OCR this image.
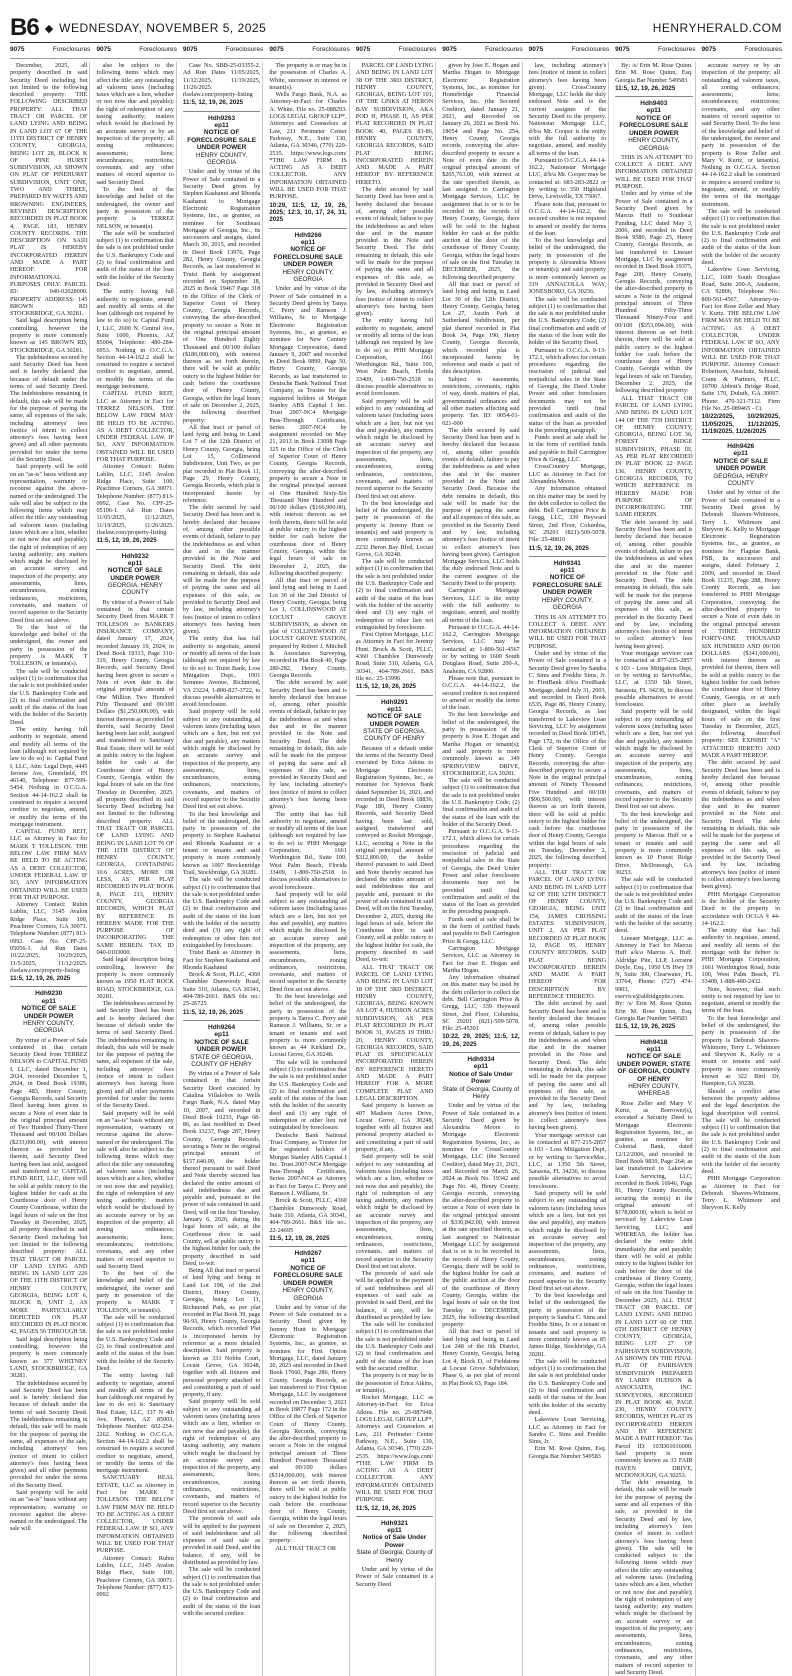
B6 ◆ WEDNESDAY, NOVEMBER 5, 2025	HENRYHERALD.COM
9075	Foreclosures 9075	Foreclosures 9075	Foreclosures 9075	Foreclosures 9075	Foreclosures 9075	Foreclosures 9075	Foreclosures 9075	Foreclosures 9075	Foreclosures

December, 2025, all property described in said Security Deed including but not limited to the following described property: THE FOLLOWING DESCRIBED PROPERTY: ALL THAT TRACT OR PARCEL OF LAND LYING AND BEING IN LAND LOT 67 OF THE 11TH DISTRICT OF HENRY COUNTY, GEORGIA, BEING LOT 28, BLOCK K OF PINE HURST SUBDIVISION, AS SHOWN ON PLAT OF PINEHURST SUBDIVISION, UNIT ONE, TWO AND THREE, PREPARED BY WATTS AND BROWNING ENGINEERS, REVISED DESCRIPTION RECORDED IN PLAT BOOK 4, PAGE 183, HENRY COUNTY RECORDS. THE DESCRIPTION ON SAID PLAT IS HEREBY INCORPORATED HEREIN AND MADE A PART HEREOF. FOR INFORMATIONAL PURPOSES ONLY: PARCEL ID: 040-02028000. PROPERTY ADDRESS: 145 BROWN RD STOCKBRIDGE, GA 30281.

Said legal description being controlling, however the property is more commonly known as 145 BROWN RD, STOCKBRIDGE, GA 30281.

The indebtedness secured by said Security Deed has been and is hereby declared due because of default under the terms of said Security Deed. The indebtedness remaining in default, this sale will be made for the purpose of paying the same, all expenses of the sale, including attorneys' fees (notice of intent to collect attorney's fees having been given) and all other payments provided for under the terms of the Security Deed.

Said property will be sold on an "as-is" basis without any representation, warranty or recourse against the above-named or the undersigned. The sale will also be subject to the following items which may affect the title: any outstanding ad valorem taxes (including taxes which are a lien, whether or not now due and payable); the right of redemption of any taxing authority; any matters which might be disclosed by an accurate survey and inspection of the property; any assessments, liens, encumbrances, zoning ordinances, restrictions, covenants, and matters of record superior to the Security Deed first set out above.

To the best of the knowledge and belief of the undersigned, the owner and party in possession of the property is MARK T TOLLESON, or tenants(s).

The sale will be conducted subject (1) to confirmation that the sale is not prohibited under the U.S. Bankruptcy Code and (2) to final confirmation and audit of the status of the loan with the holder of the Security Deed.

The entity having full authority to negotiate, amend and modify all terms of the loan (although not required by law to do so) is: Capital Fund I, LLC, Attn: Legal Dept, 4445 Jerome Ave, Greenfield, IN 46140, Telephone: 877-599-5454. Nothing in O.C.G.A. Section 44-14-162.2 shall be construed to require a secured creditor to negotiate, amend, or modify the terms of the mortgage instrument.

CAPITAL FUND REIT, LLC as Attorney in Fact for MARK T TOLLESON. THE BELOW LAW FIRM MAY BE HELD TO BE ACTING AS A DEBT COLLECTOR, UNDER FEDERAL LAW. IF SO, ANY INFORMATION OBTAINED WILL BE USED FOR THAT PURPOSE.

Attorney Contact: Rubin Lublin, LLC, 3145 Avalon Ridge Place, Suite 100, Peachtree Corners, GA 30071. Telephone Number: (877) 813-0992. Case No. CPF-25-05056-1. Ad Run Dates 10/22/2025, 10/29/2025, 11/5/2025, 11/12/2025. rlselaw.com/property-listing

11:5, 12, 19, 26, 2025
Hdh9230
ep11
NOTICE OF SALE UNDER POWER
HENRY COUNTY, GEORGIA

By virtue of a Power of Sale contained in that certain Security Deed from TERREZ NELSON to CAPITAL FUND I, LLC, dated December 1, 2024, recorded December 5, 2024, in Deed Book 19386, Page 483, Henry County, Georgia Records, said Security Deed having been given to secure a Note of even date in the original principal amount of Two Hundred Thirty-Three Thousand and 00/100 Dollars ($233,000.00), with interest thereon as provided for therein, said Security Deed having been last sold, assigned and transferred to CAPITAL FUND REIT, LLC, there will be sold at public outcry to the highest bidder for cash at the Courthouse door of Henry County Courthouse, within the legal hours of sale on the first Tuesday in December, 2025, all property described in said Security Deed including but not limited to the following described property: ALL THAT TRACT OR PARCEL OF LAND LYING AND BEING IN LAND LOT 226 OF THE 11TH DISTRICT OF HENRY COUNTY, GEORGIA, BEING LOT 6, BLOCK B, UNIT 2, AS MORE PARTICULARLY DEPICTED ON PLAT RECORDED IN PLAT BOOK 42, PAGES 56 THROUGH 58.

Said legal description being controlling, however the property is more commonly known as 377 WHITNEY LAND, STOCKBRIDGE, GA 30281.

The indebtedness secured by said Security Deed has been and is hereby declared due because of default under the terms of said Security Deed. The indebtedness remaining in default, this sale will be made for the purpose of paying the same, all expenses of the sale, including attorneys' fees (notice of intent to collect attorney's fees having been given) and all other payments provided for under the terms of the Security Deed.

Said property will be sold on an "as-is" basis without any representation, warranty or recourse against the above-named or the undersigned. The sale will

also be subject to the following items which may affect the title: any outstanding ad valorem taxes (including taxes which are a lien, whether or not now due and payable); the right of redemption of any taxing authority; matters which would be disclosed by an accurate survey or by an inspection of the property; all zoning ordinances; assessments; liens; encumbrances; restrictions; covenants, and any other matters of record superior to said Security Deed.

To the best of the knowledge and belief of the undersigned, the owner and party in possession of the property is TERREZ NELSON, or tenant(s).

The sale will be conducted subject (1) to confirmation that the sale is not prohibited under the U.S. Bankruptcy Code and (2) to final confirmation and audit of the status of the loan with the holder of the Security Deed.

The entity having full authority to negotiate, amend and modify all terms of the loan (although not required by law to do so) is: Capital Fund I, LLC, 2600 N. Central Ave, Suite 1600, Phoenix, AZ 85004, Telephone: 480-284-6953. Nothing in O.C.G.A. Section 44-14-162.2 shall be construed to require a secured creditor to negotiate, amend, or modify the terms of the mortgage instrument.

CAPITAL FUND REIT, LLC as Attorney in Fact for TERREZ NELSON. THE BELOW LAW FIRM MAY BE HELD TO BE ACTING AS A DEBT COLLECTOR, UNDER FEDERAL LAW. IF SO, ANY INFORMATION OBTAINED WILL BE USED FOR THAT PURPOSE.

Attorney Contact: Rubin Lublin, LLC, 3145 Avalon Ridge Place, Suite 100, Peachtree Corners, GA 30071. Telephone Number: (877) 813-0992. Case No. CPF-25-05106-1. Ad Run Dates 11/05/2025, 11/12/2025, 11/19/2025, 11/26/2025. rlselaw.com/property-listing

11:5, 12, 19, 26, 2025
Hdh9232
ep11
NOTICE OF SALE UNDER POWER
GEORGIA, HENRY COUNTY

By virtue of a Power of Sale contained in that certain Security Deed from MARK T TOLLESON to BANKERS INSURANCE COMPANY, dated January 17, 2024, recorded January 19, 2024, in Deed Book 19313, Page 310-319, Henry County, Georgia Records, said Security Deed having been given to secure a Note of even date in the original principal amount of One Million Two Hundred Fifty Thousand and 00/100 Dollars ($1,250,000.00), with interest thereon as provided for therein, said Security Deed having been last sold, assigned and transferred to Sanctuary Real Estate, there will be sold at public outcry to the highest bidder for cash at the Courthouse door of Henry County, Georgia, within the legal hours of sale on the first Tuesday in December, 2025, all property described in said Security Deed including but not limited to the following described property: ALL THAT TRACT OR PARCEL OF LAND LYING AND BEING IN LAND LOT 76 OF THE 11TH DISTRICT OF HENRY COUNTY, GEORGIA, CONTAINING 10.6 ACRES, MORE OR LESS, AS PER PLAT RECORDED IN PLAT BOOK 8, PAGE 213, HENRY COUNTY, GEORGIA RECORDS, WHICH PLAT BY REFERENCE IS HEREBY MADE FOR THE PURPOSE OF INCORPORATING THE SAME HEREIN. TAX ID 040-0103000.

Said legal description being controlling, however the property is more commonly known as 1950 FLAT ROCK ROAD, STOCKBRIDGE, GA 30281.

The indebtedness secured by said Security Deed has been and is hereby declared due because of default under the terms of said Security Deed. The indebtedness remaining in default, this sale will be made for the purpose of paying the same, all expenses of the sale, including attorneys' fees (notice of intent to collect attorney's fees having been given) and all other payments provided for under the terms of the Security Deed.

Said property will be sold on an "as-is" basis without any representation, warranty or recourse against the above-named or the undersigned. The sale will also be subject to the following items which may affect the title: any outstanding ad valorem taxes (including taxes which are a lien, whether or not now due and payable); the right of redemption of any taxing authority; matters which would be disclosed by an accurate survey or by an inspection of the property; all zoning ordinances; assessments; liens; encumbrances; restrictions; covenants, and any other matters of record superior to said Security Deed.

To the best of the knowledge and belief of the undersigned, the owner and party in possession of the property is MARK T TOLLESON, or tenant(s).

The sale will be conducted subject (1) to confirmation that the sale is not prohibited under the U.S. Bankruptcy Code and (2) to final confirmation and audit of the status of the loan with the holder of the Security Deed.

The entity having full authority to negotiate, amend and modify all terms of the loan (although not required by law to do so) is: Sanctuary Real Estate, LLC, 337 N 4th Ave, Phoenix, AZ 85003, Telephone Number: 602-254-2262. Nothing in O.C.G.A. Section 44-14-162.2 shall be construed to require a secured creditor to negotiate, amend, or modify the terms of the mortgage instrument.

SANCTUARY REAL ESTATE, LLC as Attorney in Fact for MARK T TOLLESON. THE BELOW LAW FIRM MAY BE HELD TO BE ACTING AS A DEBT COLLECTOR, UNDER FEDERAL LAW. IF SO, ANY INFORMATION OBTAINED WILL BE USED FOR THAT PURPOSE.

Attorney Contact: Rubin Lublin, LLC, 3145 Avalon Ridge Place, Suite 100, Peachtree Corners, GA 30071. Telephone Number: (877) 813-0992

Case No. SBB-25-03355-2. Ad Run Dates 11/05/2025, 11/12/2025, 11/19/2025, 11/26/2025. rlselaw.com/property-listing

11:5, 12, 19, 26, 2025
Hdh9263
ep11
NOTICE OF FORECLOSURE SALE UNDER POWER
HENRY COUNTY, GEORGIA

Under and by virtue of the Power of Sale contained in a Security Deed given by Stephen Kaahanui and Rhonda Kaahanui to Mortgage Electronic Registration Systems, Inc., as grantee, as nominee for Southeast Mortgage of Georgia, Inc., its successors and assigns, dated March 30, 2015, and recorded in Deed Book 13976, Page 282, Henry County, Georgia Records, as last transferred to Truist Bank by assignment recorded on September 18, 2025 in Book 19467 Page 318 in the Office of the Clerk of Superior Court of Henry County, Georgia Records, conveying the after-described property to secure a Note in the original principal amount of One Hundred Eighty Thousand and 00/100 dollars ($180,000.00), with interest thereon as set forth therein, there will be sold at public outcry to the highest bidder for cash before the courthouse door of Henry County, Georgia, within the legal hours of sale on December 2, 2025, the following described property:

All that tract or parcel of land lying and being in Land Lot 7 of the 12th District of Henry County, Georgia, being Lot 15, Collinwood Subdivision, Unit Two, as per plat recorded in Plat Book 11, Page 29, Henry County, Georgia Records, which plat is incorporated herein by reference.

The debt secured by said Security Deed has been and is hereby declared due because of, among other possible events of default, failure to pay the indebtedness as and when due and in the manner provided in the Note and Security Deed. The debt remaining in default, this sale will be made for the purpose of paying the same and all expenses of this sale, as provided in Security Deed and by law, including attorney's fees (notice of intent to collect attorney's fees having been given).

The entity that has full authority to negotiate, amend or modify all terms of the loan (although not required by law to do so) is: Truist Bank, Loss Mitigation Dept., 1001 Semmes Avenue, Richmond, VA 23224, 1-800-827-3722, to discuss possible alternatives to avoid foreclosure.

Said property will be sold subject to any outstanding ad valorem taxes (including taxes which are a lien, but not yet due and payable), any matters which might be disclosed by an accurate survey and inspection of the property, any assessments, liens, encumbrances, zoning ordinances, restrictions, covenants, and matters of record superior to the Security Deed first set out above.

To the best knowledge and belief of the undersigned, the party in possession of the property is Stephen Kaahanui and Rhonda Kaahanui or a tenant or tenants and said property is more commonly known as 1007 Breckenridge Trail, Stockbridge, GA 30281.

The sale will be conducted subject (1) to confirmation that the sale is not prohibited under the U.S. Bankruptcy Code and (2) to final confirmation and audit of the status of the loan with the holder of the security deed and (3) any right of redemption or other lien not extinguished by foreclosure.

Truist Bank as Attorney in Fact for Stephen Kaahanui and Rhonda Kaahanui

Brock & Scott, PLLC, 4360 Chamblee Dunwoody Road, Suite 310, Atlanta, GA 30341, 404-789-2661. B&S file no.: 25-26725

11:5, 12, 19, 26, 2025
Hdh9264
ep11
NOTICE OF SALE UNDER POWER
STATE OF GEORGIA, COUNTY OF HENRY

By virtue of a Power of Sale contained in that certain Security Deed executed by Catalina Villalobos to Wells Fargo Bank, N.A. dated May 10, 2007, and recorded in Deed Book 10233, Page 68-86, as last modified in Deed Book 13237, Page 287, Henry County, Georgia Records, securing a Note in the original principal amount of $157,640.00, the holder thereof pursuant to said Deed and Note thereby secured has declared the entire amount of said indebtedness due and payable and, pursuant to the power of sale contained in said Deed, will on the first Tuesday, January 6, 2026, during the legal hours of sale, at the Courthouse door in said County, sell at public outcry to the highest bidder for cash, the property described in said Deed, to-wit:

Being All that tract or parcel of land lying and being in Land Lot 198, of the 2nd District, Henry County, Georgia, being Lot 11, Richmond Park, as per plat recorded in Plat Book 39, page 90-93, Henry County, Georgia Records, which recorded Plat is incorporated herein by reference as a more detailed description. Said property is known as 333 Nobbs Court, Locust Grove, GA 30248, together with all fixtures and personal property attached to and constituting a part of said property, if any.

Said property will be sold subject to any outstanding ad valorem taxes (including taxes which are a lien, whether or not now due and payable), the right of redemption of any taxing authority, any matters which might be disclosed by an accurate survey and inspection of the property, any assessments, liens, encumbrances, zoning ordinances, restrictions, covenants, and matters of record superior to the Security Deed first set out above.

The proceeds of said sale will be applied to the payment of said indebtedness and all expenses of said sale as provided in said Deed, and the balance, if any, will be distributed as provided by law.

The sale will be conducted subject (1) to confirmation that the sale is not prohibited under the U.S. Bankruptcy Code and (2) to final confirmation and audit of the status of the loan with the secured creditor.

The property is or may be in the possession of Charles A. White, successor in interest or tenant(s).

Wells Fargo Bank, N.A. as Attorney-in-Fact for Charles A. White. File no. 25-088293. LOGS LEGAL GROUP LLP*, Attorneys and Counselors at Law, 211 Perimeter Center Parkway, N.E., Suite 130, Atlanta, GA 30346, (770) 220-2535. https://www.logs.com/ *THE LAW FIRM IS ACTING AS A DEBT COLLECTOR. ANY INFORMATION OBTAINED WILL BE USED FOR THAT PURPOSE.

10:29, 11:5, 12, 19, 26, 2025; 12:3, 10, 17, 24, 31, 2025
Hdh9266
ep11
NOTICE OF FORECLOSURE SALE UNDER POWER
HENRY COUNTY, GEORGIA

Under and by virtue of the Power of Sale contained in a Security Deed given by Tanya C. Perry and Ramson J. Williams, Sr. to Mortgage Electronic Registration Systems, Inc., as grantee, as nominee for New Century Mortgage Corporation, dated January 9, 2007 and recorded in Deed Book 9899, Page 50, Henry County, Georgia Records, as last transferred to Deutsche Bank National Trust Company, as Trustee for the registered holders of Morgan Stanley ABS Capital I Inc. Trust 2007-NC4 Mortgage Pass-Through Certificates, Series 2007-NC4 by assignment recorded on May 21, 2013 in Book 13098 Page 325 in the Office of the Clerk of Superior Court of Henry County, Georgia Records, conveying the after-described property to secure a Note in the original principal amount of One Hundred Sixty-Six Thousand Nine Hundred and 00/100 dollars ($166,900.00), with interest thereon as set forth therein, there will be sold at public outcry to the highest bidder for cash before the courthouse door of Henry County, Georgia, within the legal hours of sale on December 2, 2025, the following described property:

All that tract or parcel of land lying and being in Land Lot 30 of the 2nd District of Henry County, Georgia, being Lot 1, COLLINSWOOD AT LOCUST GROVE SUBDIVISION, as shown on plat of COLLINSWOOD AT LOCUST GROVE STATION, prepared by Robert J. Mitchell & Associates Surveying, recorded in Plat Book 40, Page 280-282, Henry County, Georgia Records.

The debt secured by said Security Deed has been and is hereby declared due because of, among other possible events of default, failure to pay the indebtedness as and when due and in the manner provided in the Note and Security Deed. The debt remaining in default, this sale will be made for the purpose of paying the same and all expenses of this sale, as provided in Security Deed and by law, including attorney's fees (notice of intent to collect attorney's fees having been given).

The entity that has full authority to negotiate, amend or modify all terms of the loan (although not required by law to do so) is: PHH Mortgage Corporation, 1661 Worthington Rd., Suite 100, West Palm Beach, Florida 33409, 1-800-750-2518 to discuss possible alternatives to avoid foreclosure.

Said property will be sold subject to any outstanding ad valorem taxes (including taxes which are a lien, but not yet due and payable), any matters which might be disclosed by an accurate survey and inspection of the property, any assessments, liens, encumbrances, zoning ordinances, restrictions, covenants, and matters of record superior to the Security Deed first set out above.

To the best knowledge and belief of the undersigned, the party in possession of the property is Tanya C. Perry and Ramson J. Williams, Sr. or a tenant or tenants and said property is more commonly known as 44 Kirkland Dr., Locust Grove, GA 30248.

The sale will be conducted subject (1) to confirmation that the sale is not prohibited under the U.S. Bankruptcy Code and (2) to final confirmation and audit of the status of the loan with the holder of the security deed and (3) any right of redemption or other lien not extinguished by foreclosure.

Deutsche Bank National Trust Company, as Trustee for the registered holders of Morgan Stanley ABS Capital I Inc. Trust 2007-NC4 Mortgage Pass-Through Certificates, Series 2007-NC4 as Attorney in Fact for Tanya C. Perry and Ramson J. Williams, Sr.

Brock & Scott, PLLC, 4360 Chamblee Dunwoody Road, Suite 310, Atlanta, GA 30341, 404-789-2661. B&S file no.: 22-24695

11:5, 12, 19, 26, 2025
Hdh9267
ep11
NOTICE OF FORECLOSURE SALE UNDER POWER
HENRY COUNTY, GEORGIA

Under and by virtue of the Power of Sale contained in a Security Deed given by Jeremy Hunt to Mortgage Electronic Registration Systems, Inc., as grantee, as nominee for First Option Mortgage, LLC, dated January 20, 2023 and recorded in Deed Book 17660, Page 286, Henry County, Georgia Records, as last transferred to First Option Mortgage, LLC by assignment recorded on December 3, 2021 in Book 18877 Page 172 in the Office of the Clerk of Superior Court of Henry County, Georgia Records, conveying the after-described property to secure a Note in the original principal amount of Three Hundred Fourteen Thousand and 00/100 dollars ($314,000.00), with interest thereon as set forth therein, there will be sold at public outcry to the highest bidder for cash before the courthouse door of Henry County, Georgia, within the legal hours of sale on December 2, 2025, the following described property:

ALL THAT TRACT OR

PARCEL OF LAND LYING AND BEING IN LAND LOT 38 OF THE 3RD DISTRICT, HENRY COUNTY, GEORGIA, BEING LOT 101, OF THE LINKS AT HERON BAY SUBDIVISION, AKA POD H, PHASE II, AS PER PLAT RECORDED IN PLAT BOOK 40, PAGES 83-86, HENRY COUNTY, GEORGIA RECORDS, SAID PLAT BEING INCORPORATED HEREIN AND MADE A PART HEREOF BY REFERENCE HERETO.

The debt secured by said Security Deed has been and is hereby declared due because of, among other possible events of default, failure to pay the indebtedness as and when due and in the manner provided in the Note and Security Deed. The debt remaining in default, this sale will be made for the purpose of paying the same and all expenses of this sale, as provided in Security Deed and by law, including attorney's fees (notice of intent to collect attorney's fees having been given).

The entity having full authority to negotiate, amend or modify all terms of the loan (although not required by law to do so) is: PHH Mortgage Corporation, 1661 Worthington Rd., Suite 100, West Palm Beach, Florida 33409, 1-800-750-2518 to discuss possible alternatives to avoid foreclosure.

Said property will be sold subject to any outstanding ad valorem taxes (including taxes which are a lien, but not yet due and payable), any matters which might be disclosed by an accurate survey and inspection of the property, any assessments, liens, encumbrances, zoning ordinances, restrictions, covenants, and matters of record superior to the Security Deed first set out above.

To the best knowledge and belief of the undersigned, the party in possession of the property is Jeremy Hunt or tenant(s) and said property is more commonly known as 2232 Heron Bay Blvd, Locust Grove, GA 30248.

The sale will be conducted subject (1) to confirmation that the sale is not prohibited under the U.S. Bankruptcy Code and (2) to final confirmation and audit of the status of the loan with the holder of the security deed and (3) any right of redemption or other lien not extinguished by foreclosure.

First Option Mortgage, LLC as Attorney in Fact for Jeremy Hunt. Brock & Scott, PLLC, 4360 Chamblee Dunwoody Road, Suite 310, Atlanta, GA 30341, 404-789-2661. B&S file no.: 25-13996

11:5, 12, 19, 26, 2025
Hdh9291
ep11
NOTICE OF SALE UNDER POWER
STATE OF GEORGIA, COUNTY OF HENRY

Because of a default under the terms of the Security Deed executed by Erica Atkins to Mortgage Electronic Registration Systems, Inc., as nominee for Synovus Bank dated September 16, 2021, and recorded in Deed Book 18836, Page 180, Henry County Records, said Security Deed having been last sold, assigned, transferred and conveyed to Rocket Mortgage, LLC, securing a Note in the original principal amount of $312,800.00, the holder thereof pursuant to said Deed and Note thereby secured has declared the entire amount of said indebtedness due and payable and, pursuant to the power of sale contained in said Deed, will on the first Tuesday, December 2, 2025, during the legal hours of sale, before the Courthouse door in said County, sell at public outcry to the highest bidder for cash, the property described in said Deed, to-wit:

ALL THAT TRACT OR PARCEL OF LAND LYING AND BEING IN LAND LOT 18 OF THE 3RD DISTRICT, HENRY COUNTY, GEORGIA, BEING KNOWN AS LOT 4, HUDSON ACRES SUBDIVISION, AS PER PLAT RECORDED IN PLAT BOOK 31, PAGES 19 THRU 20, HENRY COUNTY, GEORGIA RECORDS, SAID PLAT IS SPECIFICALLY INCORPORATED HEREIN BY REFERENCE HERETO AND MADE A PART HEREOF FOR A MORE COMPLETE PLAT AND LEGAL DESCRIPTION.

Said property is known as 407 Madison Acres Drive, Locust Grove, GA 30248, together with all fixtures and personal property attached to and constituting a part of said property, if any.

Said property will be sold subject to any outstanding ad valorem taxes (including taxes which are a lien, whether or not now due and payable), the right of redemption of any taxing authority, any matters which might be disclosed by an accurate survey and inspection of the property, any assessments, liens, encumbrances, zoning ordinances, restrictions, covenants, and matters of record superior to the Security Deed first set out above.

The proceeds of said sale will be applied to the payment of said indebtedness and all expenses of said sale as provided in said Deed, and the balance, if any, will be distributed as provided by law.

The sale will be conducted subject (1) to confirmation that the sale is not prohibited under the U.S. Bankruptcy Code and (2) to final confirmation and audit of the status of the loan with the secured creditor.

The property is or may be in the possession of Erica Atkins, or tenant(s).

Rocket Mortgage, LLC as Attorney-in-Fact for Erica Atkins. File no. 25-087948. LOGS LEGAL GROUP LLP*, Attorneys and Counselors at Law, 211 Perimeter Center Parkway, N.E., Suite 130, Atlanta, GA 30346, (770) 220-2535. https://www.logs.com/ *THE LAW FIRM IS ACTING AS A DEBT COLLECTOR. ANY INFORMATION OBTAINED WILL BE USED FOR THAT PURPOSE.

11:5, 12, 19, 26, 2025
Hdh9321
ep11
Notice of Sale Under Power
State of Georgia, County of Henry

Under and by virtue of the Power of Sale contained in a Security Deed

given by Jose E. Hogan and Martha Hogan to Mortgage Electronic Registration Systems, Inc., as nominee for Homebridge Financial Services, Inc. (the Secured Creditor), dated January 21, 2021, and Recorded on January 26, 2021 as Book No. 18054 and Page No. 254, Henry County, Georgia records, conveying the after-described property to secure a Note of even date in the original principal amount of $205,763.00, with interest at the rate specified therein, as last assigned to Carrington Mortgage Services, LLC by assignment that is or is to be recorded in the records of Henry County, Georgia, there will be sold to the highest bidder for cash at the public auction at the door of the courthouse of Henry County, Georgia, within the legal hours of sale on the first Tuesday in DECEMBER, 2025, the following described property:

All that tract or parcel of land lying and being in Land Lot 30 of the 12th District, Henry County, Georgia, being Lot 27, Austin Park at Sutherland Subdivision, per plat thereof recorded in Plat Book 34, Page 190, Henry County, Georgia Records, which recorded plat is incorporated herein by reference and made a part of this description.

Subject to easements, restrictions, covenants, rights of way, deeds, matters of plat, governmental ordinances and all other matters affecting said property. Tax ID: 0054-01-021-000

The debt secured by said Security Deed has been and is hereby declared due because of, among other possible events of default, failure to pay the indebtedness as and when due and in the manner provided in the Note and Security Deed. Because the debt remains in default, this sale will be made for the purpose of paying the same and all expenses of this sale, as provided in the Security Deed and by law, including attorney's fees (notice of intent to collect attorney's fees having been given). Carrington Mortgage Services, LLC holds the duly endorsed Note and is the current assignee of the Security Deed to the property.

Carrington Mortgage Services, LLC is the entity with the full authority to negotiate, amend, and modify all terms of the loan.

Pursuant to O.C.G.A. 44-14-162.2, Carrington Mortgage Services, LLC may be contacted at: 1-800-561-4567 or by writing to 1600 South Douglass Road, Suite 200-A, Anaheim, CA 92806.

Please note that, pursuant to O.C.G.A. 44-14-162.2, the secured creditor is not required to amend or modify the terms of the loan.

To the best knowledge and belief of the undersigned, the party in possession of the property is Jose E. Hogan and Martha Hogan or tenant(s); and said property is more commonly known as 349 SPRINGVIEW DRIVE, STOCKBRIDGE, GA 30281.

The sale will be conducted subject (1) to confirmation that the sale is not prohibited under the U.S. Bankruptcy Code; (2) final confirmation and audit of the status of the loan with the holder of the Security Deed.

Pursuant to O.C.G.A. 9-13-172.1, which allows for certain procedures regarding the rescission of judicial and nonjudicial sales in the State of Georgia, the Deed Under Power and other foreclosure documents may not be provided until final confirmation and audit of the status of the loan as provided in the preceding paragraph.

Funds used at sale shall be in the form of certified funds and payable to Bell Carrington Price & Gregg, LLC.

Carrington Mortgage Services, LLC as Attorney in Fact for Jose E. Hogan and Martha Hogan.

Any information obtained on this matter may be used by the debt collector to collect the debt. Bell Carrington Price & Gregg, LLC, 339 Heyward Street, 2nd Floor, Columbia, SC 29201 (821)-509-5078. File: 25-45301

10:22, 29, 2025; 11:5, 12, 19, 26, 2025
Hdh9334
ep11
Notice of Sale Under Power
State of Georgia, County of Henry

Under and by virtue of the Power of Sale contained in a Security Deed given by Alexandria Moore to Mortgage Electronic Registration Systems, Inc., as nominee for CrossCountry Mortgage, LLC (the Secured Creditor), dated May 21, 2021, and Recorded on March 26, 2024 as Book No. 19342 and Page No. 46, Henry County, Georgia records, conveying the after-described property to secure a Note of even date in the original principal amount of $330,842.00, with interest at the rate specified therein, as last assigned to Nationstar Mortgage LLC by assignment that is or is to be recorded in the records of Henry County, Georgia, there will be sold to the highest bidder for cash at the public auction at the door of the courthouse of Henry County, Georgia, within the legal hours of sale on the first Tuesday in DECEMBER, 2025, the following described property:

All that tract or parcel of land lying and being in Land Lot 248 of the 6th District, Henry County, Georgia, being Lot 4, Block D, of Fieldstone at Locust Grove Subdivision, Phase 6, as per plat of record in Plat Book 63, Page 184.

law, including attorney's fees (notice of intent to collect attorney's fees having been given). CrossCountry Mortgage, LLC holds the duly endorsed Note and is the current assignee of the Security Deed to the property. Nationstar Mortgage LLC, d/b/a Mr. Cooper is the entity with the full authority to negotiate, amend, and modify all terms of the loan.

Pursuant to O.C.G.A. 44-14-162.2, Nationstar Mortgage LLC, d/b/a Mr. Cooper may be contacted at: 683-283-2822 or by writing to 350 Highland Drive, Lewisville, TX 75067.

Please note that, pursuant to O.C.G.A. 44-14-162.2, the secured creditor is not required to amend or modify the terms of the loan.

To the best knowledge and belief of the undersigned, the party in possession of the property is Alexandria Moore or tenant(s); and said property is more commonly known as 319 ANNACOLLA WAY, JONESBORO, GA 30236.

The sale will be conducted subject (1) to confirmation that the sale is not prohibited under the U.S. Bankruptcy Code; (2) final confirmation and audit of the status of the loan with the holder of the Security Deed.

Pursuant to O.C.G.A. 9-13-172.1, which allows for certain procedures regarding the rescission of judicial and nonjudicial sales in the State of Georgia, the Deed Under Power and other foreclosure documents may not be provided until final confirmation and audit of the status of the loan as provided in the preceding paragraph.

Funds used at sale shall be in the form of certified funds and payable to Bell Carrington Price & Gregg, LLC.

CrossCountry Mortgage, LLC as Attorney in Fact for Alexandria Moore.

Any information obtained on this matter may be used by the debt collector to collect the debt. Bell Carrington Price & Gregg, LLC, 339 Heyward Street, 2nd Floor, Columbia, SC 29201 (821)-509-5078. File: 25-48810

11:5, 12, 19, 26, 2025
Hdh9341
ep11
NOTICE OF FORECLOSURE SALE UNDER POWER
HENRY COUNTY, GEORGIA

THIS IS AN ATTEMPT TO COLLECT A DEBT. ANY INFORMATION OBTAINED WILL BE USED FOR THAT PURPOSE.

Under and by virtue of the Power of Sale contained in a Security Deed given by Sandra C. Sims and Freddie Sims, Jr. to FirstBank d/b/a FirstBank Mortgage, dated July 31, 2003, and recorded in Deed Book 6535, Page 86, Henry County, Georgia Records, as last transferred to Lakeview Loan Servicing, LLC by assignment recorded in Deed Book 18545, Page 172, in the Office of the Clerk of Superior Court of Henry County, Georgia Records, conveying the after-described property to secure a Note in the original principal amount of Ninety Thousand Five Hundred and 00/100 ($90,500.00), with interest thereon as set forth therein, there will be sold at public outcry to the highest bidder for cash before the courthouse door of Henry County, Georgia within the legal hours of sale on Tuesday, December 2, 2025, the following described property:

ALL THAT TRACT OR PARCEL OF LAND LYING AND BEING IN LAND LOT 62 OF THE 12TH DISTRICT OF HENRY COUNTY, GEORGIA, BEING UNIT 154, JAMES CROSSING ESTATES SUBDIVISION, UNIT 2, AS PER PLAT RECORDED AT PLAT BOOK 12, PAGE 95, HENRY COUNTY RECORDS, SAID PLAT BEING INCORPORATED HEREIN AND MADE A PART HEREOF FOR DESCRIPTION BY REFERENCE THERETO.

The debt secured by said Security Deed has been and is hereby declared due because of, among other possible events of default, failure to pay the indebtedness as and when due and in the manner provided in the Note and Security Deed. The debt remaining in default, this sale will be made for the purpose of paying the same and all expenses of this sale, as provided in the Security Deed and by law, including attorney's fees (notice of intent to collect attorney's fees having been given).

Your mortgage servicer can be contacted at 877-215-2857 x 103 - Loss Mitigation Dept, or by writing to ServiceMac, LLC, at 1350 5th Street, Sarasota, FL 34236, to discuss possible alternatives to avoid foreclosure.

Said property will be sold subject to any outstanding ad valorem taxes (including taxes which are a lien, but not yet due and payable), any matters which might be disclosed by an accurate survey and inspection of the property, any assessments, liens, encumbrances, zoning ordinances, restrictions, covenants, and matters of record superior to the Security Deed first set out above.

To the best knowledge and belief of the undersigned, the party in possession of the property is Sandra C. Sims and Freddie Sims, Jr. or a tenant or tenants and said property is more commonly known as 85 James Ridge, Stockbridge, GA 30281.

The sale will be conducted subject (1) to confirmation that the sale is not prohibited under the U.S. Bankruptcy Code and (2) to final confirmation and audit of the status of the loan with the holder of the security deed.

Lakeview Loan Servicing, LLC as Attorney in Fact for Sandra C. Sims and Freddie Sims, Jr.

Erin M. Rose Quinn, Esq. Georgia Bar Number 549583

By: /s/ Erin M. Rose Quinn. Erin M. Rose Quinn, Esq. Georgia Bar Number 549583

11:5, 12, 19, 26, 2025
Hdh9403
ep11
NOTICE OF FORECLOSURE SALE UNDER POWER
HENRY COUNTY, GEORGIA

THIS IS AN ATTEMPT TO COLLECT A DEBT. ANY INFORMATION OBTAINED WILL BE USED FOR THAT PURPOSE.

Under and by virtue of the Power of Sale contained in a Security Deed given by Marcus Huff to Southstar Funding, LLC dated May 3, 2006, and recorded in Deed Book 9580, Page 25, Henry County, Georgia Records, as last transferred to Lineaer Mortgage, LLC by assignment recorded in Deed Book 19375, Page 200, Henry County, Georgia Records, conveying the after-described property to secure a Note in the original principal amount of Three Hundred Fifty-Three Thousand Ninety-Four and 00/100 ($353,094.00), with interest thereon as set forth therein, there will be sold at public outcry to the highest bidder for cash before the courthouse door of Henry County, Georgia within the legal hours of sale on Tuesday, December 2, 2025, the following described property:

ALL THAT TRACT OR PARCEL OF LAND LYING AND BEING IN LAND LOT 144 OF THE 7TH DISTRICT OF HENRY COUNTY, GEORGIA, BEING LOT 36, FOREST RIDGE SUBDIVISION, PHASE III, AS PER PLAT RECORDED IN PLAT BOOK 22 PAGE 136, HENRY COUNTY, GEORGIA RECORDS, TO WHICH REFERENCE IS HEREBY MADE FOR PURPOSE OF INCORPORATING THE SAME HEREIN.

The debt secured by said Security Deed has been and is hereby declared due because of, among other possible events of default, failure to pay the indebtedness as and when due and in the manner provided in the Note and Security Deed. The debt remaining in default, this sale will be made for the purpose of paying the same and all expenses of this sale, as provided in the Security Deed and by law, including attorney's fees (notice of intent to collect attorney's fees having been given).

Your mortgage servicer can be contacted at 877-215-2857 x 103 - Loss Mitigation Dept, or by writing to ServiceMac, LLC, at 1350 5th Street, Sarasota, FL 34236, to discuss possible alternatives to avoid foreclosure.

Said property will be sold subject to any outstanding ad valorem taxes (including taxes which are a lien, but not yet due and payable), any matters which might be disclosed by an accurate survey and inspection of the property, any assessments, liens, encumbrances, zoning ordinances, restrictions, covenants, and matters of record superior to the Security Deed first set out above.

To the best knowledge and belief of the undersigned, the party in possession of the property is Marcus Huff or a tenant or tenants and said property is more commonly known as 10 Forest Ridge Drive, McDonough, GA 30253.

The sale will be conducted subject (1) to confirmation that the sale is not prohibited under the U.S. Bankruptcy Code and (2) to final confirmation and audit of the status of the loan with the holder of the security deed.

Lineaer Mortgage, LLC as Attorney in Fact for Marcus Huff a/k/a Marcus A. Huff. Aldridge Pite, LLP, Lorraine Doyle, Esq., 1950 US Hwy 19 N, Suite 300, Clearwater, FL 33764, Phone: (727) 474-9903, eservice@aldridgepite.com. By: /s/ Erin M. Rose Quinn. Erin M. Rose Quinn, Esq. Georgia Bar Number 549583

11:5, 12, 19, 26, 2025
Hdh9418
ep11
NOTICE OF SALE UNDER POWER. STATE OF GEORGIA, COUNTY OF HENRY
HENRY COUNTY, WHEREAS

Rose Zeller and Mary V. Kurtz, as Borrower(s), executed a Security Deed to Mortgage Electronic Registration Systems, Inc., as grantee, as nominee for Colonial Bank, dated 12/12/2006, and recorded in Deed Book 9839, Page 264; as last transferred to Lakeview Loan Servicing, LLC, recorded in Book 16946, Page 81, Henry County Records, securing the note(s) in the original amount of $178,000.00, which is held or serviced by Lakeview Loan Servicing, LLC; and WHEREAS, the holder has declared the entire debt immediately due and payable; there will be sold at public outcry to the highest bidder for cash before the door of the courthouse of Henry County, Georgia, within the legal hours of sale on the first Tuesday in December 2025, ALL THAT TRACT OR PARCEL OF LAND LYING AND BEING IN LAND LOT 60 OF THE 6TH DISTRICT OF HENRY COUNTY, GEORGIA, BEING LOT 27 OF FAIRHAVEN SUBDIVISION, AS SHOWN ON THE FINAL PLAT OF FAIRHAVEN SUBDIVISION PREPARED BY LARRY HUDSON & ASSOCIATES, INC. SURVEYORS, RECORDED IN PLAT BOOK 40, PAGE 230, HENRY COUNTY RECORDS, WHICH PLAT IS INCORPORATED HEREIN AND BY REFERENCE MADE A PART HEREOF. Tax Parcel ID: 103D01016000. Said property is more commonly known as 33 FAIR HAVEN DRIVE, MCDONOUGH, GA 30253.

The debt remaining in default, this sale will be made for the purpose of paying the same and all expenses of this sale, as provided in the Security Deed and by law, including attorney's fees (notice of intent to collect attorney's fees having been given). The sale will be conducted subject to the following items which may affect the title: any outstanding ad valorem taxes (including taxes which are a lien, whether or not now due and payable); the right of redemption of any taxing authority; any matters which might be disclosed by an accurate survey or an inspection of the property; any assessments, liens, encumbrances, zoning ordinances, restrictions, covenants, and any other matters of record superior to said Security Deed.

accurate survey or by an inspection of the property; all outstanding ad valorem taxes, all zoning ordinances; assessments; liens; encumbrances; restrictions; covenants, and any other matters of record superior to said Security Deed. To the best of the knowledge and belief of the undersigned, the owner and party in possession of the property is Rose Zeller and Mary V. Kurtz, or tenant(s). Nothing in O.C.G.A. Section 44-14-162.2 shall be construed to require a secured creditor to negotiate, amend, or modify the terms of the mortgage instrument.

The sale will be conducted subject (1) to confirmation that the sale is not prohibited under the U.S. Bankruptcy Code and (2) to final confirmation and audit of the status of the loan with the holder of the security deed.

Lakeview Loan Servicing, LLC, 1600 South Douglass Road, Suite 200-A, Anaheim, CA 92806, Telephone No.: 800-561-4567, Attorney-in-Fact for Rose Zeller and Mary V. Kurtz. THE BELOW LAW FIRM MAY BE HELD TO BE ACTING AS A DEBT COLLECTOR, UNDER FEDERAL LAW. IF SO, ANY INFORMATION OBTAINED WILL BE USED FOR THAT PURPOSE. Attorney Contact: Robertson, Anschutz, Schneid, Crane & Partners, PLLC, 10700 Abbott's Bridge Road, Suite 170, Duluth, GA 30097. Phone: 470-321-7112. Firm File No. 25-089465 - Ct.

10/22/2025, 10/29/2025, 11/05/2025, 11/12/2025, 11/19/2025, 11/26/2025
Hdh9426
ep11
NOTICE OF SALE UNDER POWER
GEORGIA, HENRY COUNTY

Under and by virtue of the Power of Sale contained in a Security Deed given by Deborah Shavers-Whitmore, Terry L. Whitmore and Sheyvon K. Kelly to Mortgage Electronic Registration Systems, Inc., as grantee, as nominee for Flagstar Bank, FSB, its successors and assigns, dated February 2, 2009, and recorded in Deed Book 11235, Page 288, Henry County Records, as last transferred to PHH Mortgage Corporation, conveying the after-described property to secure a Note of even date in the original principal amount of THREE HUNDRED FORTY-ONE THOUSAND SIX HUNDRED AND 00/100 DOLLARS ($341,600.00), with interest thereon as provided for therein, there will be sold at public outcry to the highest bidder for cash before the courthouse door of Henry County, Georgia, or at such other place as lawfully designated, within the legal hours of sale on the first Tuesday in December, 2025, the following described property: SEE EXHIBIT "A" ATTACHED HERETO AND MADE A PART HEREOF.

The debt secured by said Security Deed has been and is hereby declared due because of, among other possible events of default, failure to pay the indebtedness as and when due and in the manner provided in the Note and Security Deed. The debt remaining in default, this sale will be made for the purpose of paying the same and all expenses of this sale, as provided in the Security Deed and by law, including attorney's fees (notice of intent to collect attorney's fees having been given).

PHH Mortgage Corporation is the holder of the Security Deed to the property in accordance with OCGA § 44-14-162.2.

The entity that has full authority to negotiate, amend, and modify all terms of the mortgage with the debtor is: PHH Mortgage Corporation, 1661 Worthington Road, Suite 100, West Palm Beach, FL 33409, 1-888-480-2432.

Note, however, that such entity is not required by law to negotiate, amend or modify the terms of the loan.

To the best knowledge and belief of the undersigned, the party in possession of the property is Deborah Shavers-Whitmore, Terry L. Whitmore and Sheyvon K. Kelly or a tenant or tenants and said property is more commonly known as 322 Bird Dr, Hampton, GA 30228.

Should a conflict arise between the property address and the legal description the legal description will control. The sale will be conducted subject (1) to confirmation that the sale is not prohibited under the U.S. Bankruptcy Code and (2) to final confirmation and audit of the status of the loan with the holder of the security deed.

PHH Mortgage Corporation as Attorney in Fact for Deborah Shavers-Whitmore, Terry L. Whitmore and Sheyvon K. Kelly
